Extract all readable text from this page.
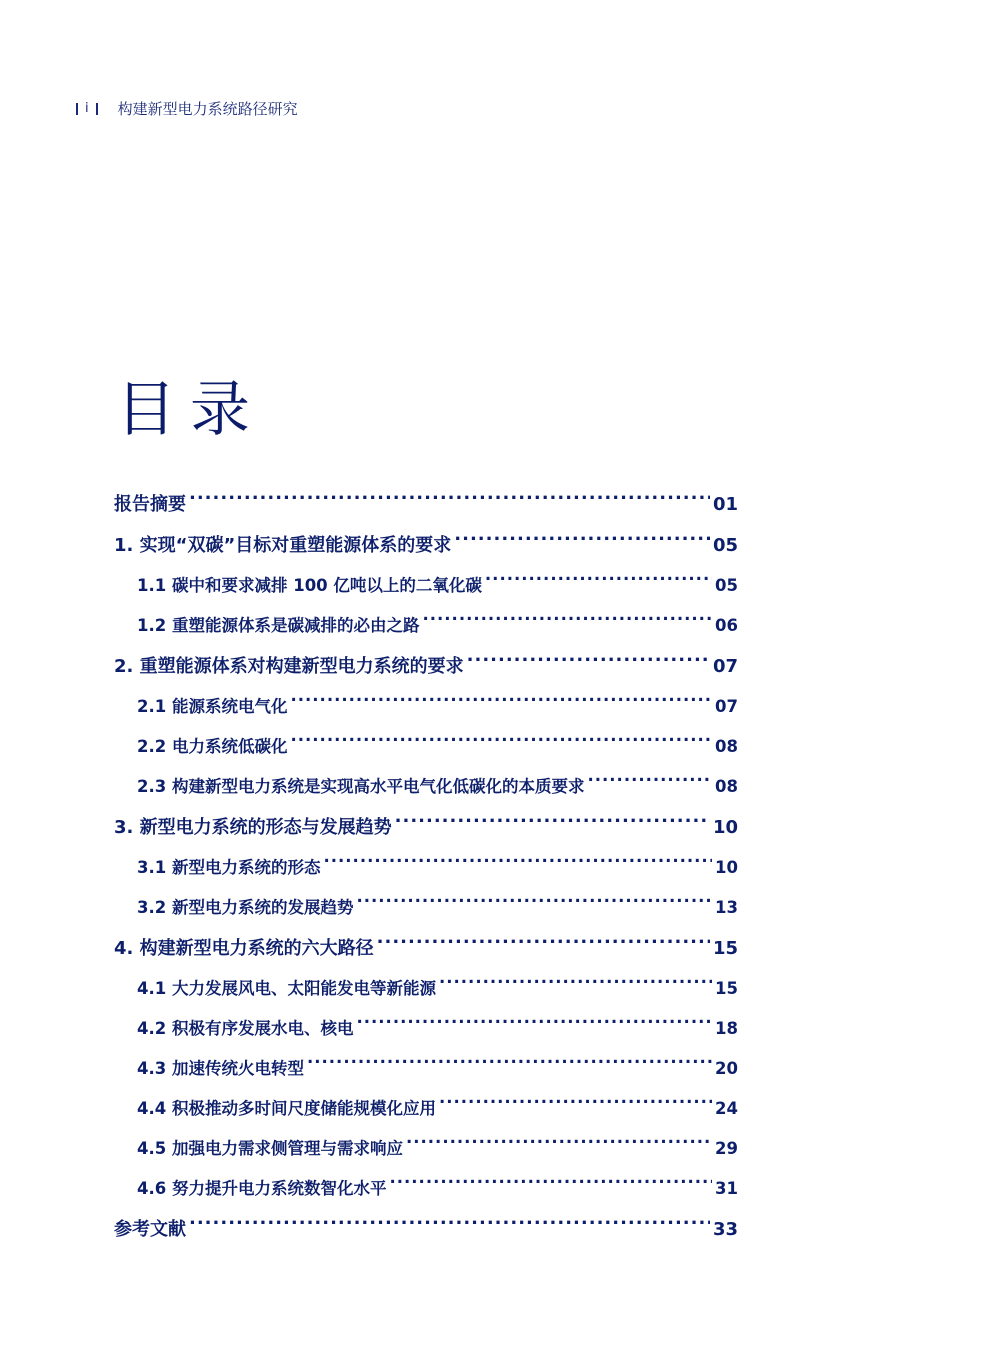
i 构建新型电力系统路径研究
目录
报告摘要 .....	01
1. 实现“双碳”目标对重塑能源体系的要求 .....	05
1.1 碳中和要求减排 100 亿吨以上的二氧化碳 .....	05
1.2 重塑能源体系是碳减排的必由之路 .....	06
2. 重塑能源体系对构建新型电力系统的要求 .....	07
2.1 能源系统电气化 .....	07
2.2 电力系统低碳化 .....	08
2.3 构建新型电力系统是实现高水平电气化低碳化的本质要求 .....	08
3. 新型电力系统的形态与发展趋势 .....	10
3.1 新型电力系统的形态 .....	10
3.2 新型电力系统的发展趋势 .....	13
4. 构建新型电力系统的六大路径 .....	15
4.1 大力发展风电、太阳能发电等新能源 .....	15
4.2 积极有序发展水电、核电 .....	18
4.3 加速传统火电转型 .....	20
4.4 积极推动多时间尺度储能规模化应用 .....	24
4.5 加强电力需求侧管理与需求响应 .....	29
4.6 努力提升电力系统数智化水平 .....	31
参考文献 .....	33
